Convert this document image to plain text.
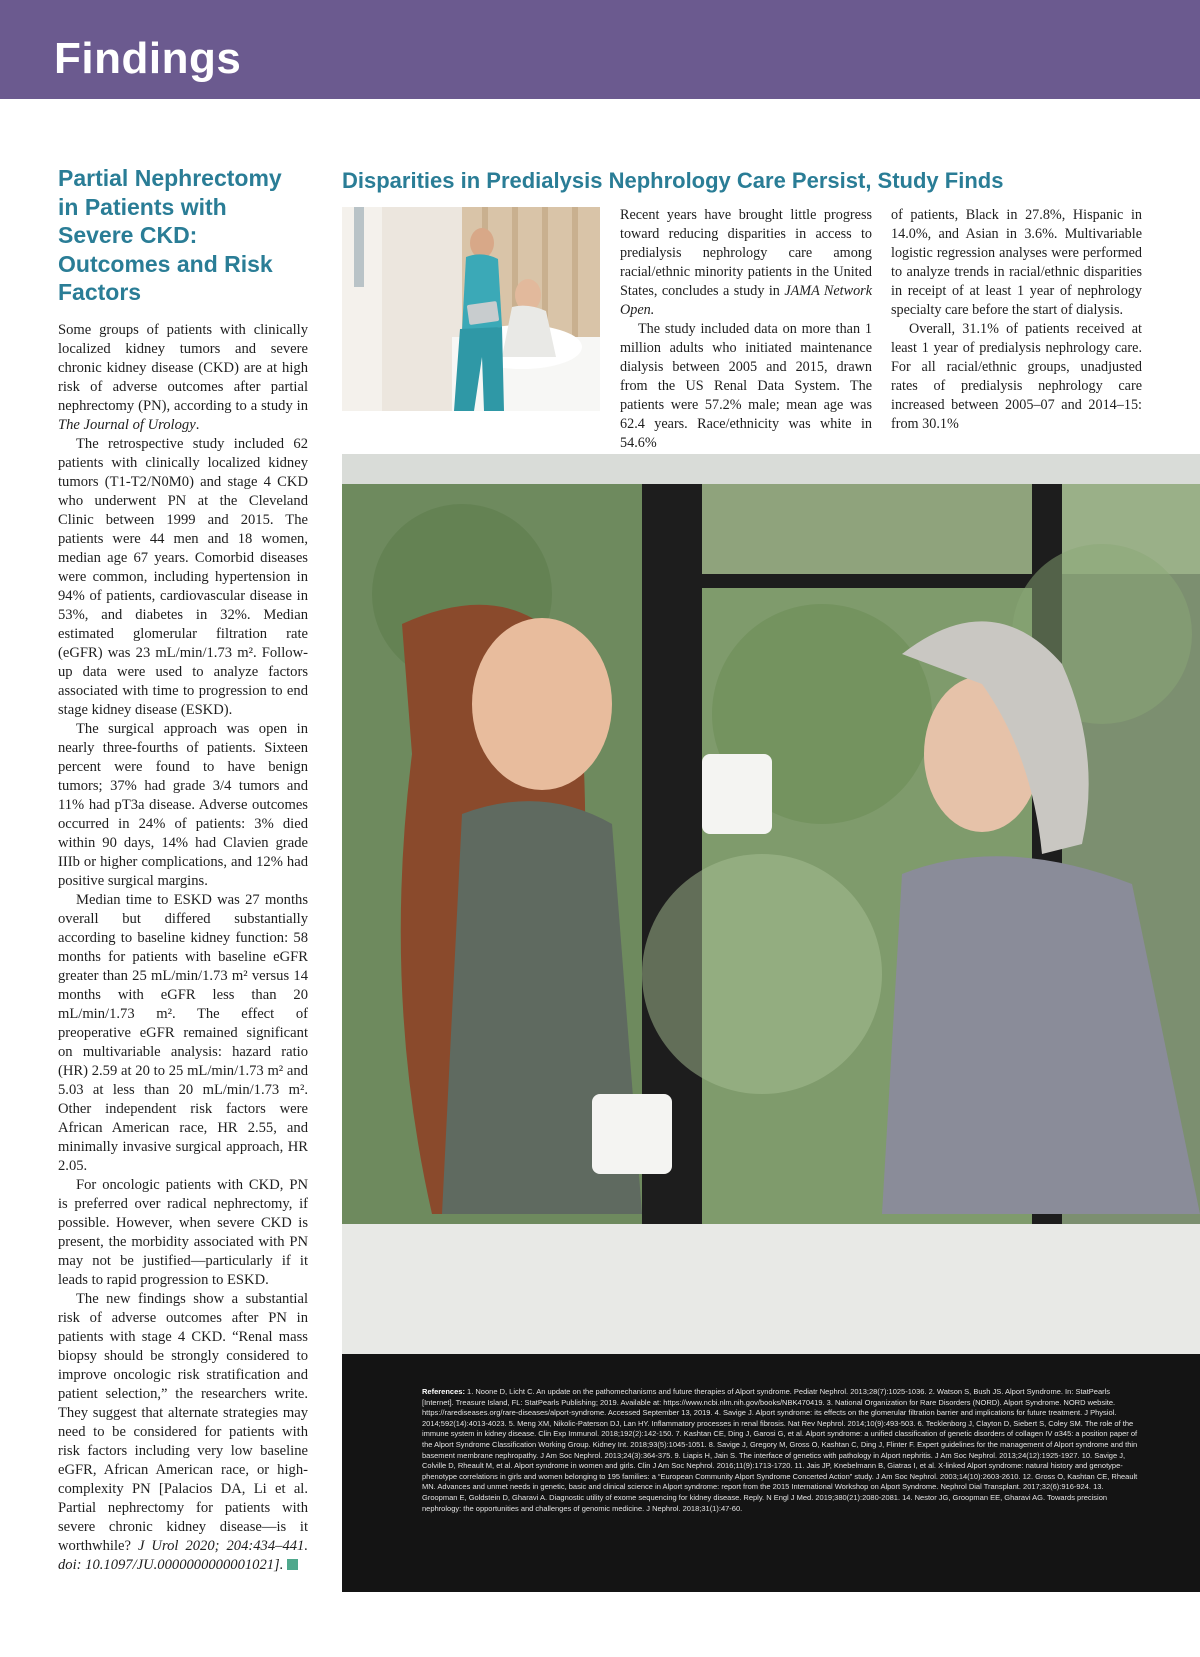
Findings
Partial Nephrectomy in Patients with Severe CKD: Outcomes and Risk Factors

Some groups of patients with clinically localized kidney tumors and severe chronic kidney disease (CKD) are at high risk of adverse outcomes after partial nephrectomy (PN), according to a study in The Journal of Urology.

The retrospective study included 62 patients with clinically localized kidney tumors (T1-T2/N0M0) and stage 4 CKD who underwent PN at the Cleveland Clinic between 1999 and 2015. The patients were 44 men and 18 women, median age 67 years. Comorbid diseases were common, including hypertension in 94% of patients, cardiovascular disease in 53%, and diabetes in 32%. Median estimated glomerular filtration rate (eGFR) was 23 mL/min/1.73 m². Follow-up data were used to analyze factors associated with time to progression to end stage kidney disease (ESKD).

The surgical approach was open in nearly three-fourths of patients. Sixteen percent were found to have benign tumors; 37% had grade 3/4 tumors and 11% had pT3a disease. Adverse outcomes occurred in 24% of patients: 3% died within 90 days, 14% had Clavien grade IIIb or higher complications, and 12% had positive surgical margins.

Median time to ESKD was 27 months overall but differed substantially according to baseline kidney function: 58 months for patients with baseline eGFR greater than 25 mL/min/1.73 m² versus 14 months with eGFR less than 20 mL/min/1.73 m². The effect of preoperative eGFR remained significant on multivariable analysis: hazard ratio (HR) 2.59 at 20 to 25 mL/min/1.73 m² and 5.03 at less than 20 mL/min/1.73 m². Other independent risk factors were African American race, HR 2.55, and minimally invasive surgical approach, HR 2.05.

For oncologic patients with CKD, PN is preferred over radical nephrectomy, if possible. However, when severe CKD is present, the morbidity associated with PN may not be justified—particularly if it leads to rapid progression to ESKD.

The new findings show a substantial risk of adverse outcomes after PN in patients with stage 4 CKD. “Renal mass biopsy should be strongly considered to improve oncologic risk stratification and patient selection,” the researchers write. They suggest that alternate strategies may need to be considered for patients with risk factors including very low baseline eGFR, African American race, or high-complexity PN [Palacios DA, Li et al. Partial nephrectomy for patients with severe chronic kidney disease—is it worthwhile? J Urol 2020; 204:434–441. doi: 10.1097/JU.0000000000001021].

Disparities in Predialysis Nephrology Care Persist, Study Finds

Recent years have brought little progress toward reducing disparities in access to predialysis nephrology care among racial/ethnic minority patients in the United States, concludes a study in JAMA Network Open.

The study included data on more than 1 million adults who initiated maintenance dialysis between 2005 and 2015, drawn from the US Renal Data System. The patients were 57.2% male; mean age was 62.4 years. Race/ethnicity was white in 54.6%

of patients, Black in 27.8%, Hispanic in 14.0%, and Asian in 3.6%. Multivariable logistic regression analyses were performed to analyze trends in racial/ethnic disparities in receipt of at least 1 year of nephrology specialty care before the start of dialysis.

Overall, 31.1% of patients received at least 1 year of predialysis nephrology care. For all racial/ethnic groups, unadjusted rates of predialysis nephrology care increased between 2005–07 and 2014–15: from 30.1%

References: 1. Noone D, Licht C. An update on the pathomechanisms and future therapies of Alport syndrome. Pediatr Nephrol. 2013;28(7):1025-1036. 2. Watson S, Bush JS. Alport Syndrome. In: StatPearls [Internet]. Treasure Island, FL: StatPearls Publishing; 2019. Available at: https://www.ncbi.nlm.nih.gov/books/NBK470419. 3. National Organization for Rare Disorders (NORD). Alport Syndrome. NORD website. https://rarediseases.org/rare-diseases/alport-syndrome. Accessed September 13, 2019. 4. Savige J. Alport syndrome: its effects on the glomerular filtration barrier and implications for future treatment. J Physiol. 2014;592(14):4013-4023. 5. Meng XM, Nikolic-Paterson DJ, Lan HY. Inflammatory processes in renal fibrosis. Nat Rev Nephrol. 2014;10(9):493-503. 6. Tecklenborg J, Clayton D, Siebert S, Coley SM. The role of the immune system in kidney disease. Clin Exp Immunol. 2018;192(2):142-150. 7. Kashtan CE, Ding J, Garosi G, et al. Alport syndrome: a unified classification of genetic disorders of collagen IV α345: a position paper of the Alport Syndrome Classification Working Group. Kidney Int. 2018;93(5):1045-1051. 8. Savige J, Gregory M, Gross O, Kashtan C, Ding J, Flinter F. Expert guidelines for the management of Alport syndrome and thin basement membrane nephropathy. J Am Soc Nephrol. 2013;24(3):364-375. 9. Liapis H, Jain S. The interface of genetics with pathology in Alport nephritis. J Am Soc Nephrol. 2013;24(12):1925-1927. 10. Savige J, Colville D, Rheault M, et al. Alport syndrome in women and girls. Clin J Am Soc Nephrol. 2016;11(9):1713-1720. 11. Jais JP, Knebelmann B, Giatras I, et al. X-linked Alport syndrome: natural history and genotype-phenotype correlations in girls and women belonging to 195 families: a “European Community Alport Syndrome Concerted Action” study. J Am Soc Nephrol. 2003;14(10):2603-2610. 12. Gross O, Kashtan CE, Rheault MN. Advances and unmet needs in genetic, basic and clinical science in Alport syndrome: report from the 2015 International Workshop on Alport Syndrome. Nephrol Dial Transplant. 2017;32(6):916-924. 13. Groopman E, Goldstein D, Gharavi A. Diagnostic utility of exome sequencing for kidney disease. Reply. N Engl J Med. 2019;380(21):2080-2081. 14. Nestor JG, Groopman EE, Gharavi AG. Towards precision nephrology: the opportunities and challenges of genomic medicine. J Nephrol. 2018;31(1):47-60.
